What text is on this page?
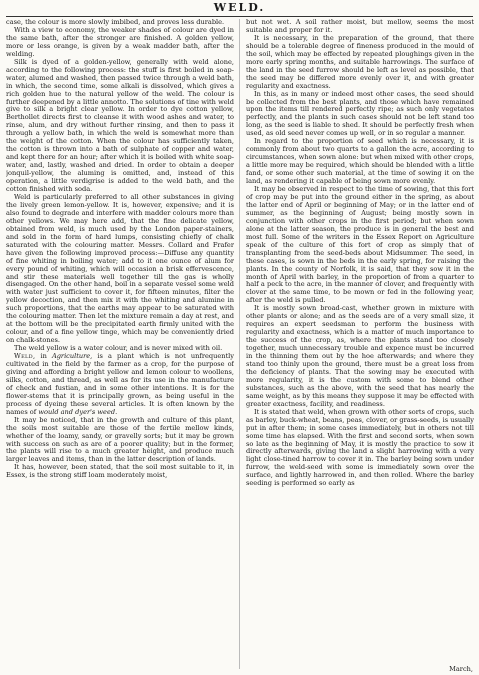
WELD.

case, the colour is more slowly imbibed, and proves less durable.

With a view to economy, the weaker shades of colour are dyed in the same bath, after the stronger are finished. A golden yellow, more or less orange, is given by a weak madder bath, after the welding.

Silk is dyed of a golden-yellow, generally with weld alone, according to the following process: the stuff is first boiled in soap-water, alumed and washed, then passed twice through a weld bath, in which, the second time, some alkali is dissolved, which gives a rich golden hue to the natural yellow of the weld. The colour is further deepened by a little annotto. The solutions of tine with weld give to silk a bright clear yellow. In order to dye cotton yellow, Berthollet directs first to cleanse it with wood ashes and water, to rinse, alum, and dry without further rinsing, and then to pass it through a yellow bath, in which the weld is somewhat more than the weight of the cotton. When the colour has sufficiently taken, the cotton is thrown into a bath of sulphate of copper and water, and kept there for an hour; after which it is boiled with white soap-water, and, lastly, washed and dried. In order to obtain a deeper jonquil-yellow, the aluming is omitted, and, instead of this operation, a little verdigrise is added to the weld bath, and the cotton finished with soda.

Weld is particularly preferred to all other substances in giving the lively green lemon-yellow. It is, however, expensive; and it is also found to degrade and interfere with madder colours more than other yellows. We may here add, that the fine delicate yellow, obtained from weld, is much used by the London paper-stainers, and sold in the form of hard lumps, consisting chiefly of chalk saturated with the colouring matter. Messrs. Collard and Frafer have given the following improved process:—Diffuse any quantity of fine whiting in boiling water; add to it one ounce of alum for every pound of whiting, which will occasion a brisk effervescence, and stir these materials well together till the gas is wholly disengaged. On the other hand, boil in a separate vessel some weld with water just sufficient to cover it, for fifteen minutes, filter the yellow decoction, and then mix it with the whiting and alumine in such proportions, that the earths may appear to be saturated with the colouring matter. Then let the mixture remain a day at rest, and at the bottom will be the precipitated earth firmly united with the colour, and of a fine yellow tinge, which may be conveniently dried on chalk-stones.

The weld yellow is a water colour, and is never mixed with oil.

Weld, in Agriculture, is a plant which is not unfrequently cultivated in the field by the farmer as a crop, for the purpose of giving and affording a bright yellow and lemon colour to woollens, silks, cotton, and thread, as well as for its use in the manufacture of check and fustian, and in some other intentions. It is for the flower-stems that it is principally grown, as being useful in the process of dyeing these several articles. It is often known by the names of would and dyer's weed.

It may be noticed, that in the growth and culture of this plant, the soils most suitable are those of the fertile mellow kinds, whether of the loamy, sandy, or gravelly sorts; but it may be grown with success on such as are of a poorer quality; but in the former, the plants will rise to a much greater height, and produce much larger leaves and items, than in the latter description of lands.

It has, however, been stated, that the soil most suitable to it, in Essex, is the strong stiff loam moderately moist,

but not wet. A soil rather moist, but mellow, seems the most suitable and proper for it.

It is necessary, in the preparation of the ground, that there should be a tolerable degree of fineness produced in the mould of the soil, which may be effected by repeated ploughings given in the more early spring months, and suitable harrowings. The surface of the land in the seed furrow should be left as level as possible, that the seed may be differed more evenly over it, and with greater regularity and exactness.

In this, as in many or indeed most other cases, the seed should be collected from the best plants, and those which have remained upon the items till rendered perfectly ripe; as such only vegetates perfectly, and the plants in such cases should not be left stand too long, as the seed is liable to shed. It should be perfectly fresh when used, as old seed never comes up well, or in so regular a manner.

In regard to the proportion of seed which is necessary, it is commonly from about two quarts to a gallon the acre, according to circumstances, when sown alone: but when mixed with other crops, a little more may be required, which should be blended with a little fand, or some other such material, at the time of sowing it on the land, as rendering it capable of being sown more evenly.

It may be observed in respect to the time of sowing, that this fort of crop may be put into the ground either in the spring, as about the latter end of April or beginning of May; or in the latter end of summer, as the beginning of August; being mostly sown in conjunction with other crops in the first period; but when sown alone at the latter season, the produce is in general the best and most full. Some of the writers in the Essex Report on Agriculture speak of the culture of this fort of crop as simply that of transplanting from the seed-beds about Midsummer. The seed, in these cases, is sown in the beds in the early spring, for raising the plants. In the county of Norfolk, it is said, that they sow it in the month of April with barley, in the proportion of from a quarter to half a peck to the acre, in the manner of clover, and frequently with clover at the same time, to be mown or fed in the following year, after the weld is pulled.

It is mostly sown broad-cast, whether grown in mixture with other plants or alone; and as the seeds are of a very small size, it requires an expert seedsman to perform the business with regularity and exactness, which is a matter of much importance to the success of the crop, as, where the plants stand too closely together, much unnecessary trouble and expence must be incurred in the thinning them out by the hoe afterwards; and where they stand too thinly upon the ground, there must be a great loss from the deficiency of plants. That the sowing may be executed with more regularity, it is the custom with some to blend other substances, such as the above, with the seed that has nearly the same weight, as by this means they suppose it may be effected with greater exactness, facility, and readiness.

It is stated that weld, when grown with other sorts of crops, such as barley, buck-wheat, beans, peas, clover, or grass-seeds, is usually put in after them; in some cases immediately, but in others not till some time has elapsed. With the first and second sorts, when sown so late as the beginning of May, it is mostly the practice to sow it directly afterwards, giving the land a slight harrowing with a very light close-tined harrow to cover it in. The barley being sown under furrow, the weld-seed with some is immediately sown over the surface, and lightly harrowed in, and then rolled. Where the barley seeding is performed so early as

March,
